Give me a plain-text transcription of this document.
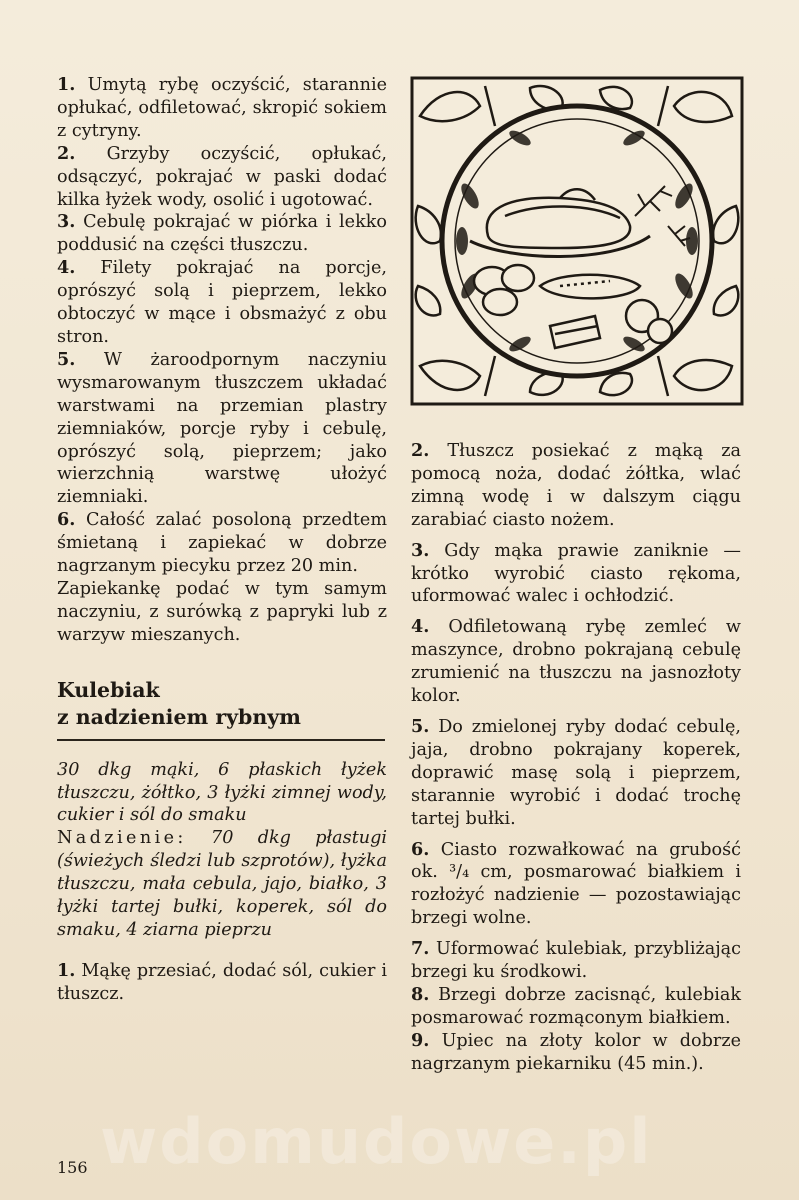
1. Umytą rybę oczyścić, starannie opłukać, odfiletować, skropić sokiem z cytryny.

2. Grzyby oczyścić, opłukać, odsączyć, pokrajać w paski dodać kilka łyżek wody, osolić i ugotować.

3. Cebulę pokrajać w piórka i lekko poddusić na części tłuszczu.

4. Filety pokrajać na porcje, oprószyć solą i pieprzem, lekko obtoczyć w mące i obsmażyć z obu stron.

5. W żaroodpornym naczyniu wysmarowanym tłuszczem układać warstwami na przemian plastry ziemniaków, porcje ryby i cebulę, oprószyć solą, pieprzem; jako wierzchnią warstwę ułożyć ziemniaki.

6. Całość zalać posoloną przedtem śmietaną i zapiekać w dobrze nagrzanym piecyku przez 20 min.

Zapiekankę podać w tym samym naczyniu, z surówką z papryki lub z warzyw mieszanych.

Kulebiak
z nadzieniem rybnym

30 dkg mąki, 6 płaskich łyżek tłuszczu, żółtko, 3 łyżki zimnej wody, cukier i sól do smaku

Nadzienie: 70 dkg płastugi (świeżych śledzi lub szprotów), łyżka tłuszczu, mała cebula, jajo, białko, 3 łyżki tartej bułki, koperek, sól do smaku, 4 ziarna pieprzu

1. Mąkę przesiać, dodać sól, cukier i tłuszcz.

2. Tłuszcz posiekać z mąką za pomocą noża, dodać żółtka, wlać zimną wodę i w dalszym ciągu zarabiać ciasto nożem.

3. Gdy mąka prawie zaniknie — krótko wyrobić ciasto rękoma, uformować walec i ochłodzić.

4. Odfiletowaną rybę zemleć w maszynce, drobno pokrajaną cebulę zrumienić na tłuszczu na jasnozłoty kolor.

5. Do zmielonej ryby dodać cebulę, jaja, drobno pokrajany koperek, doprawić masę solą i pieprzem, starannie wyrobić i dodać trochę tartej bułki.

6. Ciasto rozwałkować na grubość ok. ³/₄ cm, posmarować białkiem i rozłożyć nadzienie — pozostawiając brzegi wolne.

7. Uformować kulebiak, przybliżając brzegi ku środkowi.

8. Brzegi dobrze zacisnąć, kulebiak posmarować rozmąconym białkiem.

9. Upiec na złoty kolor w dobrze nagrzanym piekarniku (45 min.).

wdomudowe.pl
156
